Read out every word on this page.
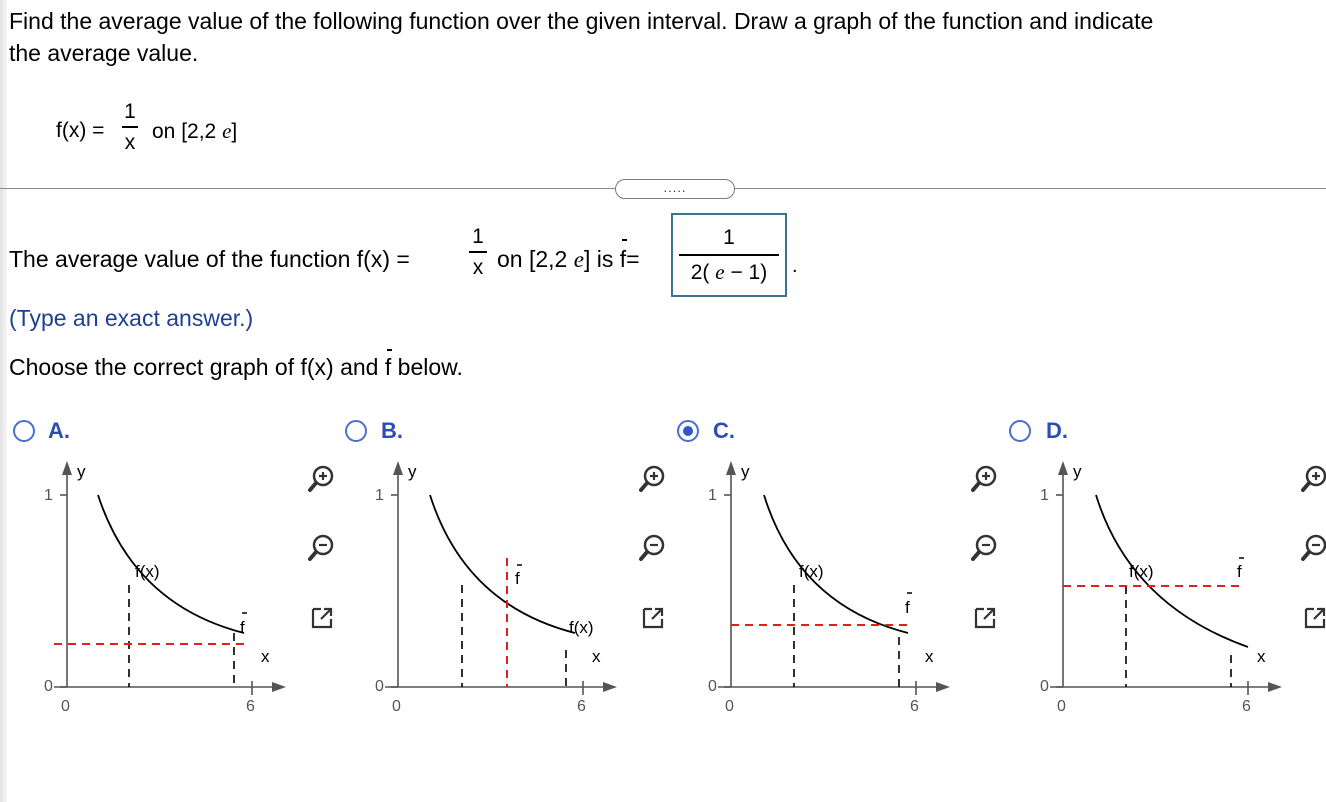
Find the average value of the following function over the given interval. Draw a graph of the function and indicate
the average value.
f(x) =
1
x on [2,2 e]
.....
The average value of the function f(x) =
1
x on [2,2 e] is f=
1
2( e − 1)	.
(Type an exact answer.)
Choose the correct graph of f(x) and f below.
A.	B.	C.	D.
y
1
0
0	6
x
f(x)
f
y
1
0
0	6
x
f
f(x)
y
1
0
0	6
x
f(x)
f
y
1
0
0	6
x
f(x)	f
